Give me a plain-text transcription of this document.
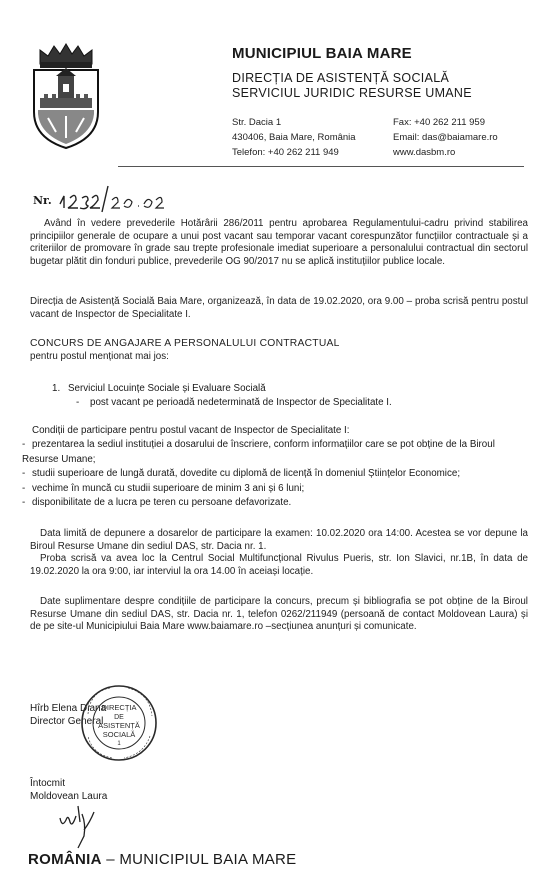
MUNICIPIUL BAIA MARE
DIRECȚIA DE ASISTENȚĂ SOCIALĂ
SERVICIUL JURIDIC RESURSE UMANE
Str. Dacia 1
430406, Baia Mare, România
Telefon: +40 262 211 949
Fax: +40 262 211 959
Email: das@baiamare.ro
www.dasbm.ro
Nr.
Având în vedere prevederile Hotărârii 286/2011 pentru aprobarea Regulamentului-cadru privind stabilirea principiilor generale de ocupare a unui post vacant sau temporar vacant corespunzător funcțiilor contractuale și a criteriilor de promovare în grade sau trepte profesionale imediat superioare a personalului contractual din sectorul bugetar plătit din fonduri publice, prevederile OG 90/2017 nu se aplică instituțiilor publice locale.
Direcția de Asistență Socială Baia Mare, organizează, în data de 19.02.2020, ora 9.00 – proba scrisă pentru postul vacant de Inspector de Specialitate I.
CONCURS DE ANGAJARE A PERSONALULUI CONTRACTUAL
pentru postul menționat mai jos:
1. Serviciul Locuințe Sociale și Evaluare Socială
- post vacant pe perioadă nedeterminată de Inspector de Specialitate I.
Condiții de participare pentru postul vacant de Inspector de Specialitate I:
- prezentarea la sediul instituției a dosarului de înscriere, conform informațiilor care se pot obține de la Biroul Resurse Umane;
- studii superioare de lungă durată, dovedite cu diplomă de licență în domeniul Științelor Economice;
- vechime în muncă cu studii superioare de minim 3 ani și 6 luni;
- disponibilitate de a lucra pe teren cu persoane defavorizate.
Data limită de depunere a dosarelor de participare la examen: 10.02.2020 ora 14:00. Acestea se vor depune la Biroul Resurse Umane din sediul DAS, str. Dacia nr. 1.
Proba scrisă va avea loc la Centrul Social Multifuncțional Rivulus Pueris, str. Ion Slavici, nr.1B, în data de 19.02.2020 la ora 9:00, iar interviul la ora 14.00 în aceiași locație.
Date suplimentare despre condițiile de participare la concurs, precum și bibliografia se pot obține de la Biroul Resurse Umane din sediul DAS, str. Dacia nr. 1, telefon 0262/211949 (persoană de contact Moldovean Laura) și de pe site-ul Municipiului Baia Mare www.baiamare.ro –secțiunea anunțuri și comunicate.
Hîrb Elena Diana
Director General
DIRECȚIA
DE
ASISTENȚĂ
SOCIALĂ
1
Întocmit
Moldovean Laura
ROMÂNIA – MUNICIPIUL BAIA MARE
